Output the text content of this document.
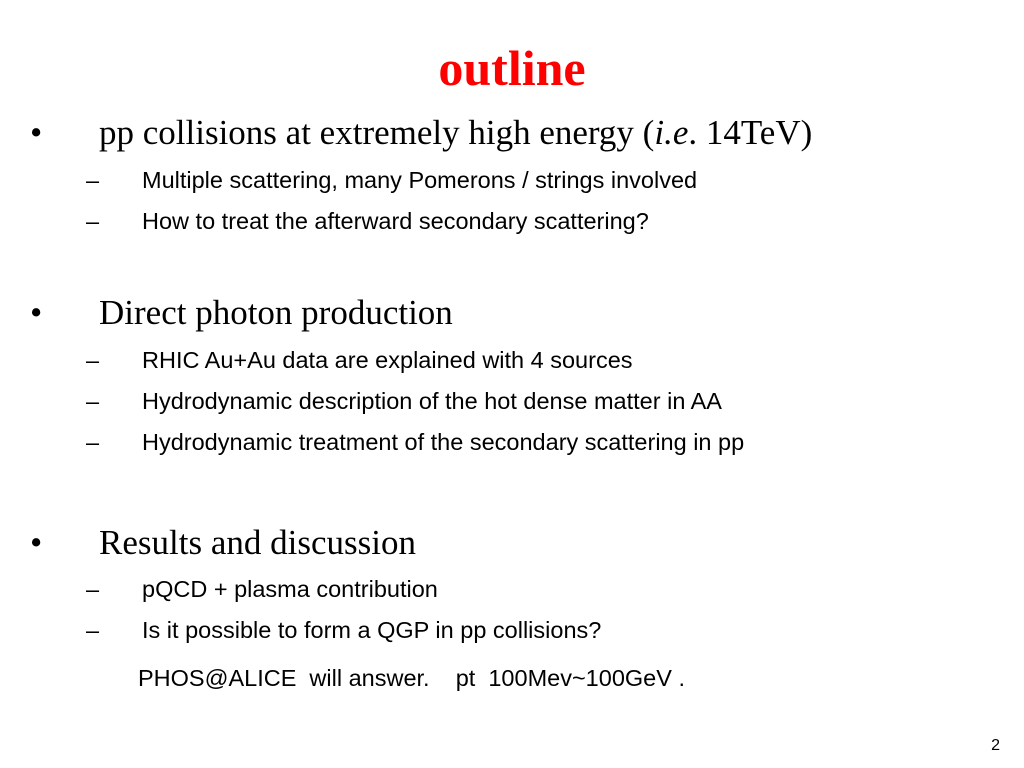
outline
• pp collisions at extremely high energy (i.e. 14TeV)
– Multiple scattering, many Pomerons / strings involved
– How to treat the afterward secondary scattering?
• Direct photon production
– RHIC Au+Au data are explained with 4 sources
– Hydrodynamic description of the hot dense matter in AA
– Hydrodynamic treatment of the secondary scattering in pp
• Results and discussion
– pQCD + plasma contribution
– Is it possible to form a QGP in pp collisions?
PHOS@ALICE  will answer.    pt  100Mev~100GeV .
2
